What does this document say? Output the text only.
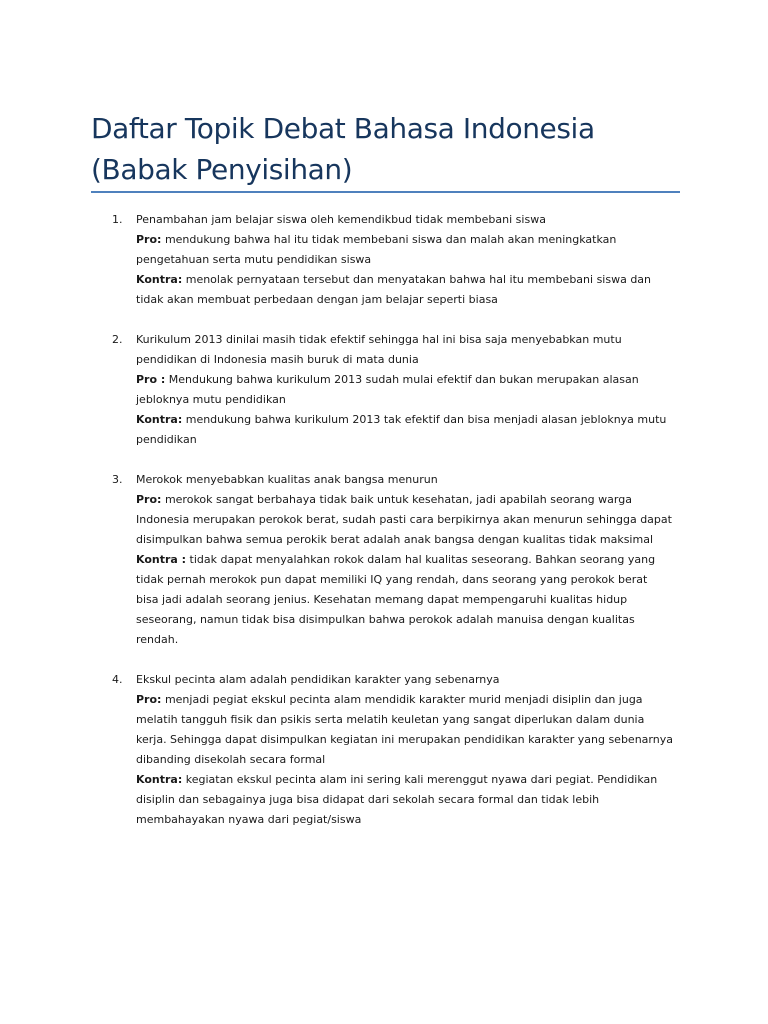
Daftar Topik Debat Bahasa Indonesia
(Babak Penyisihan)
1.	Penambahan jam belajar siswa oleh kemendikbud tidak membebani siswa
Pro: mendukung bahwa hal itu tidak membebani siswa dan malah akan meningkatkan
pengetahuan serta mutu pendidikan siswa
Kontra: menolak pernyataan tersebut dan menyatakan bahwa hal itu membebani siswa dan
tidak akan membuat perbedaan dengan jam belajar seperti biasa
2.	Kurikulum 2013 dinilai masih tidak efektif sehingga hal ini bisa saja menyebabkan mutu
pendidikan di Indonesia masih buruk di mata dunia
Pro : Mendukung bahwa kurikulum 2013 sudah mulai efektif dan bukan merupakan alasan
jebloknya mutu pendidikan
Kontra: mendukung bahwa kurikulum 2013 tak efektif dan bisa menjadi alasan jebloknya mutu
pendidikan
3.	Merokok menyebabkan kualitas anak bangsa menurun
Pro: merokok sangat berbahaya tidak baik untuk kesehatan, jadi apabilah seorang warga
Indonesia merupakan perokok berat, sudah pasti cara berpikirnya akan menurun sehingga dapat
disimpulkan bahwa semua perokik berat adalah anak bangsa dengan kualitas tidak maksimal
Kontra : tidak dapat menyalahkan rokok dalam hal kualitas seseorang. Bahkan seorang yang
tidak pernah merokok pun dapat memiliki IQ yang rendah, dans seorang yang perokok berat
bisa jadi adalah seorang jenius. Kesehatan memang dapat mempengaruhi kualitas hidup
seseorang, namun tidak bisa disimpulkan bahwa perokok adalah manuisa dengan kualitas
rendah.
4.	Ekskul pecinta alam adalah pendidikan karakter yang sebenarnya
Pro: menjadi pegiat ekskul pecinta alam mendidik karakter murid menjadi disiplin dan juga
melatih tangguh fisik dan psikis serta melatih keuletan yang sangat diperlukan dalam dunia
kerja. Sehingga dapat disimpulkan kegiatan ini merupakan pendidikan karakter yang sebenarnya
dibanding disekolah secara formal
Kontra: kegiatan ekskul pecinta alam ini sering kali merenggut nyawa dari pegiat. Pendidikan
disiplin dan sebagainya juga bisa didapat dari sekolah secara formal dan tidak lebih
membahayakan nyawa dari pegiat/siswa
